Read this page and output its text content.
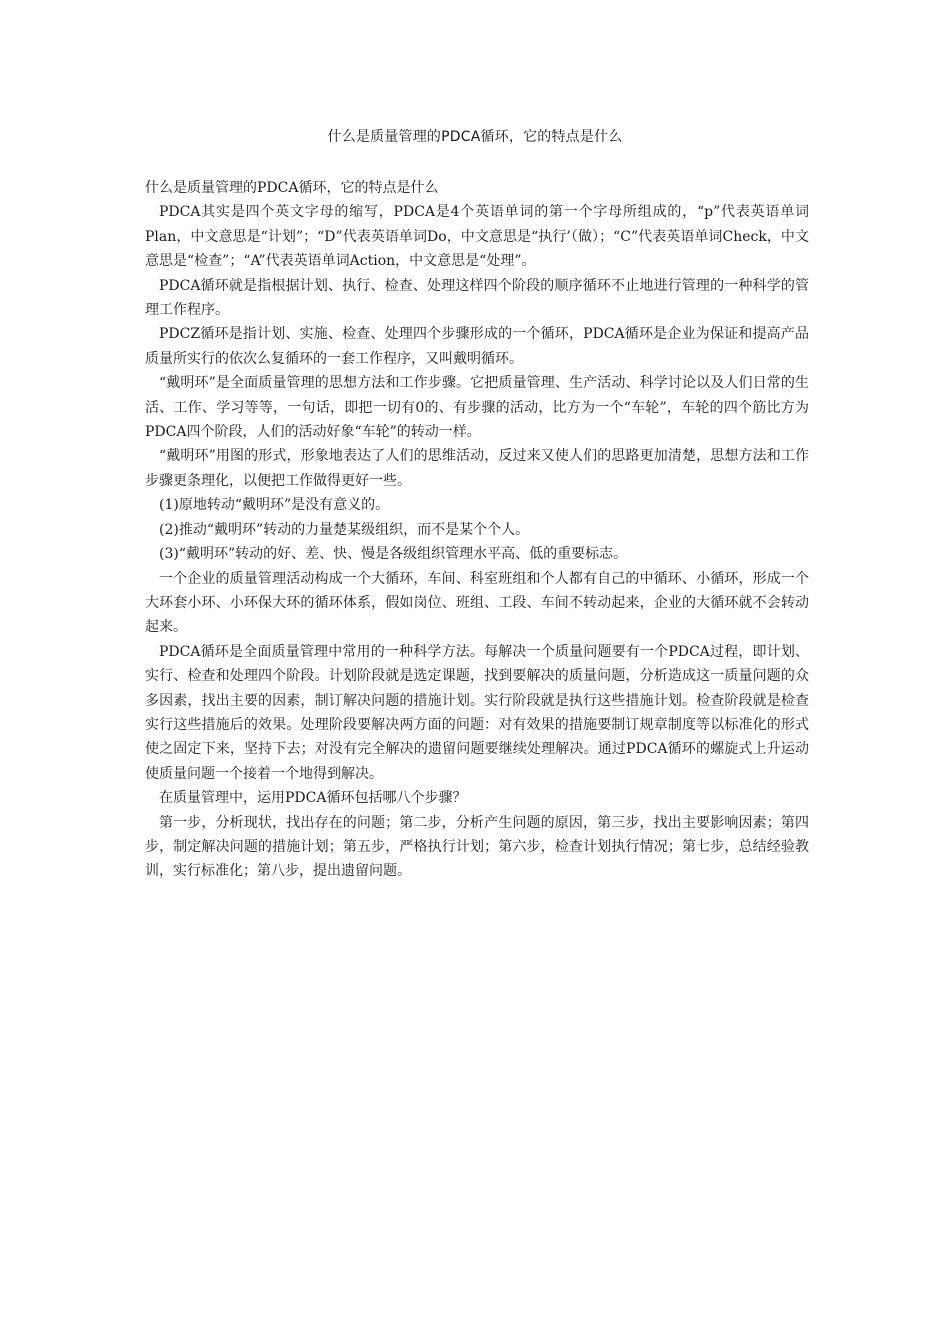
什么是质量管理的PDCA循环，它的特点是什么

什么是质量管理的PDCA循环，它的特点是什么

PDCA其实是四个英文字母的缩写，PDCA是4个英语单词的第一个字母所组成的，“p”代表英语单词Plan，中文意思是“计划”；“D”代表英语单词Do，中文意思是“执行’（做）；“C”代表英语单词Check，中文意思是“检查”；“A”代表英语单词Action，中文意思是“处理”。

PDCA循环就是指根据计划、执行、检查、处理这样四个阶段的顺序循环不止地进行管理的一种科学的管理工作程序。

PDCZ循环是指计划、实施、检查、处理四个步骤形成的一个循环，PDCA循环是企业为保证和提高产品质量所实行的依次么复循环的一套工作程序，又叫戴明循环。

“戴明环”是全面质量管理的思想方法和工作步骤。它把质量管理、生产活动、科学讨论以及人们日常的生活、工作、学习等等，一句话，即把一切有0的、有步骤的活动，比方为一个“车轮”，车轮的四个筋比方为PDCA四个阶段，人们的活动好象“车轮”的转动一样。

“戴明环”用图的形式，形象地表达了人们的思维活动，反过来又使人们的思路更加清楚，思想方法和工作步骤更条理化，以便把工作做得更好一些。

(1)原地转动“戴明环”是没有意义的。

(2)推动“戴明环”转动的力量楚某级组织，而不是某个个人。

(3)“戴明环”转动的好、差、快、慢是各级组织管理水平高、低的重要标志。

一个企业的质量管理活动构成一个大循环，车间、科室班组和个人都有自己的中循环、小循环，形成一个大环套小环、小环保大环的循环体系，假如岗位、班组、工段、车间不转动起来，企业的大循环就不会转动起来。

PDCA循环是全面质量管理中常用的一种科学方法。每解决一个质量问题要有一个PDCA过程，即计划、实行、检查和处理四个阶段。计划阶段就是选定课题，找到要解决的质量问题，分析造成这一质量问题的众多因素，找出主要的因素，制订解决问题的措施计划。实行阶段就是执行这些措施计划。检查阶段就是检查实行这些措施后的效果。处理阶段要解决两方面的问题：对有效果的措施要制订规章制度等以标准化的形式使之固定下来，坚持下去；对没有完全解决的遗留问题要继续处理解决。通过PDCA循环的螺旋式上升运动使质量问题一个接着一个地得到解决。

在质量管理中，运用PDCA循环包括哪八个步骤？

第一步，分析现状，找出存在的问题；第二步，分析产生问题的原因，第三步，找出主要影响因素；第四步，制定解决问题的措施计划；第五步，严格执行计划；第六步，检查计划执行情况；第七步，总结经验教训，实行标准化；第八步，提出遗留问题。
